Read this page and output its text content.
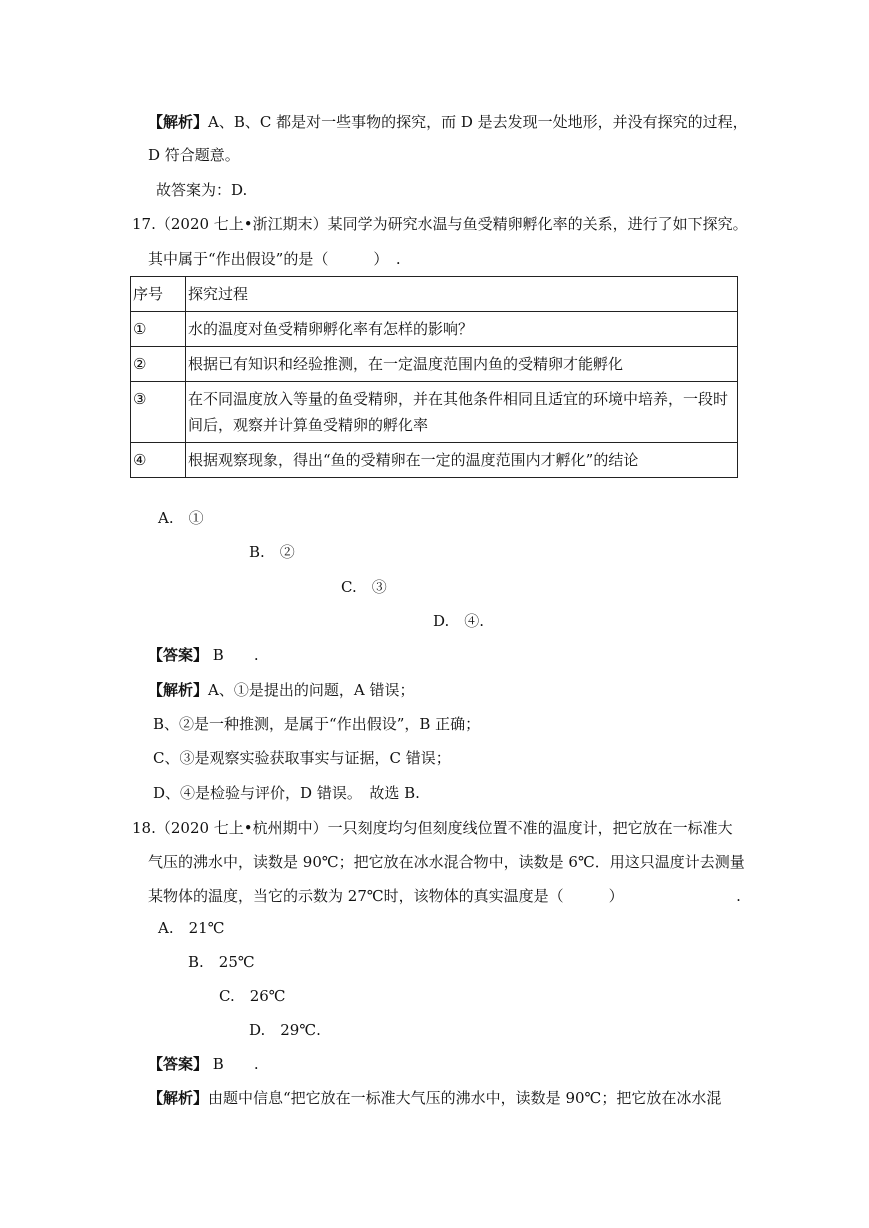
【解析】A、B、C 都是对一些事物的探究，而 D 是去发现一处地形，并没有探究的过程，
D 符合题意。
故答案为：D.
17.（2020 七上•浙江期末）某同学为研究水温与鱼受精卵孵化率的关系，进行了如下探究。
其中属于“作出假设”的是（　　　）　.
序号	探究过程
①	水的温度对鱼受精卵孵化率有怎样的影响？
②	根据已有知识和经验推测，在一定温度范围内鱼的受精卵才能孵化
③	在不同温度放入等量的鱼受精卵，并在其他条件相同且适宜的环境中培养，一段时间后，观察并计算鱼受精卵的孵化率
④	根据观察现象，得出“鱼的受精卵在一定的温度范围内才孵化”的结论
A.　①
B.　②
C.　③
D.　④.
【答案】 B　　.
【解析】A、①是提出的问题，A 错误；
B、②是一种推测，是属于“作出假设”，B 正确；
C、③是观察实验获取事实与证据，C 错误；
D、④是检验与评价，D 错误。　故选 B.
18.（2020 七上•杭州期中）一只刻度均匀但刻度线位置不准的温度计，把它放在一标准大
气压的沸水中，读数是 90℃；把它放在冰水混合物中，读数是 6℃．用这只温度计去测量
某物体的温度，当它的示数为 27℃时，该物体的真实温度是（　　　）　　　　　　　　.
A.　21℃
B.　25℃
C.　26℃
D.　29℃.
【答案】 B　　.
【解析】由题中信息“把它放在一标准大气压的沸水中，读数是 90℃；把它放在冰水混
